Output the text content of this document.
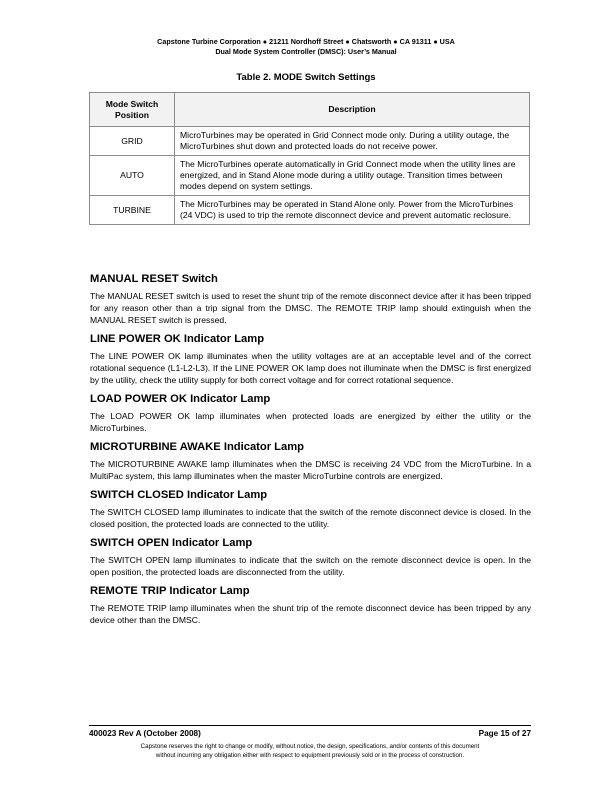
Capstone Turbine Corporation ● 21211 Nordhoff Street ● Chatsworth ● CA 91311 ● USA
Dual Mode System Controller (DMSC): User’s Manual
Table 2. MODE Switch Settings
Mode Switch Position	Description
GRID	MicroTurbines may be operated in Grid Connect mode only. During a utility outage, the MicroTurbines shut down and protected loads do not receive power.
AUTO	The MicroTurbines operate automatically in Grid Connect mode when the utility lines are energized, and in Stand Alone mode during a utility outage. Transition times between modes depend on system settings.
TURBINE	The MicroTurbines may be operated in Stand Alone only. Power from the MicroTurbines (24 VDC) is used to trip the remote disconnect device and prevent automatic reclosure.
MANUAL RESET Switch

The MANUAL RESET switch is used to reset the shunt trip of the remote disconnect device after it has been tripped for any reason other than a trip signal from the DMSC. The REMOTE TRIP lamp should extinguish when the MANUAL RESET switch is pressed.

LINE POWER OK Indicator Lamp

The LINE POWER OK lamp illuminates when the utility voltages are at an acceptable level and of the correct rotational sequence (L1-L2-L3). If the LINE POWER OK lamp does not illuminate when the DMSC is first energized by the utility, check the utility supply for both correct voltage and for correct rotational sequence.

LOAD POWER OK Indicator Lamp

The LOAD POWER OK lamp illuminates when protected loads are energized by either the utility or the MicroTurbines.

MICROTURBINE AWAKE Indicator Lamp

The MICROTURBINE AWAKE lamp illuminates when the DMSC is receiving 24 VDC from the MicroTurbine. In a MultiPac system, this lamp illuminates when the master MicroTurbine controls are energized.

SWITCH CLOSED Indicator Lamp

The SWITCH CLOSED lamp illuminates to indicate that the switch of the remote disconnect device is closed. In the closed position, the protected loads are connected to the utility.

SWITCH OPEN Indicator Lamp

The SWITCH OPEN lamp illuminates to indicate that the switch on the remote disconnect device is open. In the open position, the protected loads are disconnected from the utility.

REMOTE TRIP Indicator Lamp

The REMOTE TRIP lamp illuminates when the shunt trip of the remote disconnect device has been tripped by any device other than the DMSC.

400023 Rev A (October 2008)	Page 15 of 27
Capstone reserves the right to change or modify, without notice, the design, specifications, and/or contents of this document
without incurring any obligation either with respect to equipment previously sold or in the process of construction.
